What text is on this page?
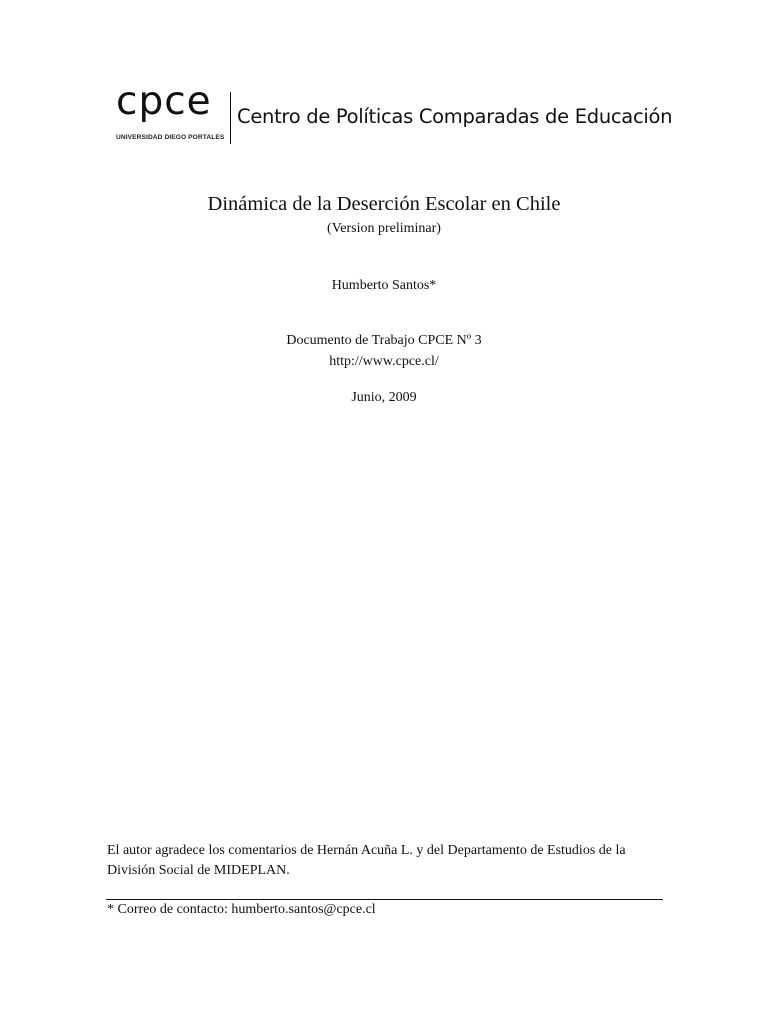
cpce
UNIVERSIDAD DIEGO PORTALES
Centro de Políticas Comparadas de Educación
Dinámica de la Deserción Escolar en Chile
(Version preliminar)
Humberto Santos*
Documento de Trabajo CPCE Nº 3
http://www.cpce.cl/
Junio, 2009
El autor agradece los comentarios de Hernán Acuña L. y del Departamento de Estudios de la División Social de MIDEPLAN.
* Correo de contacto: humberto.santos@cpce.cl
